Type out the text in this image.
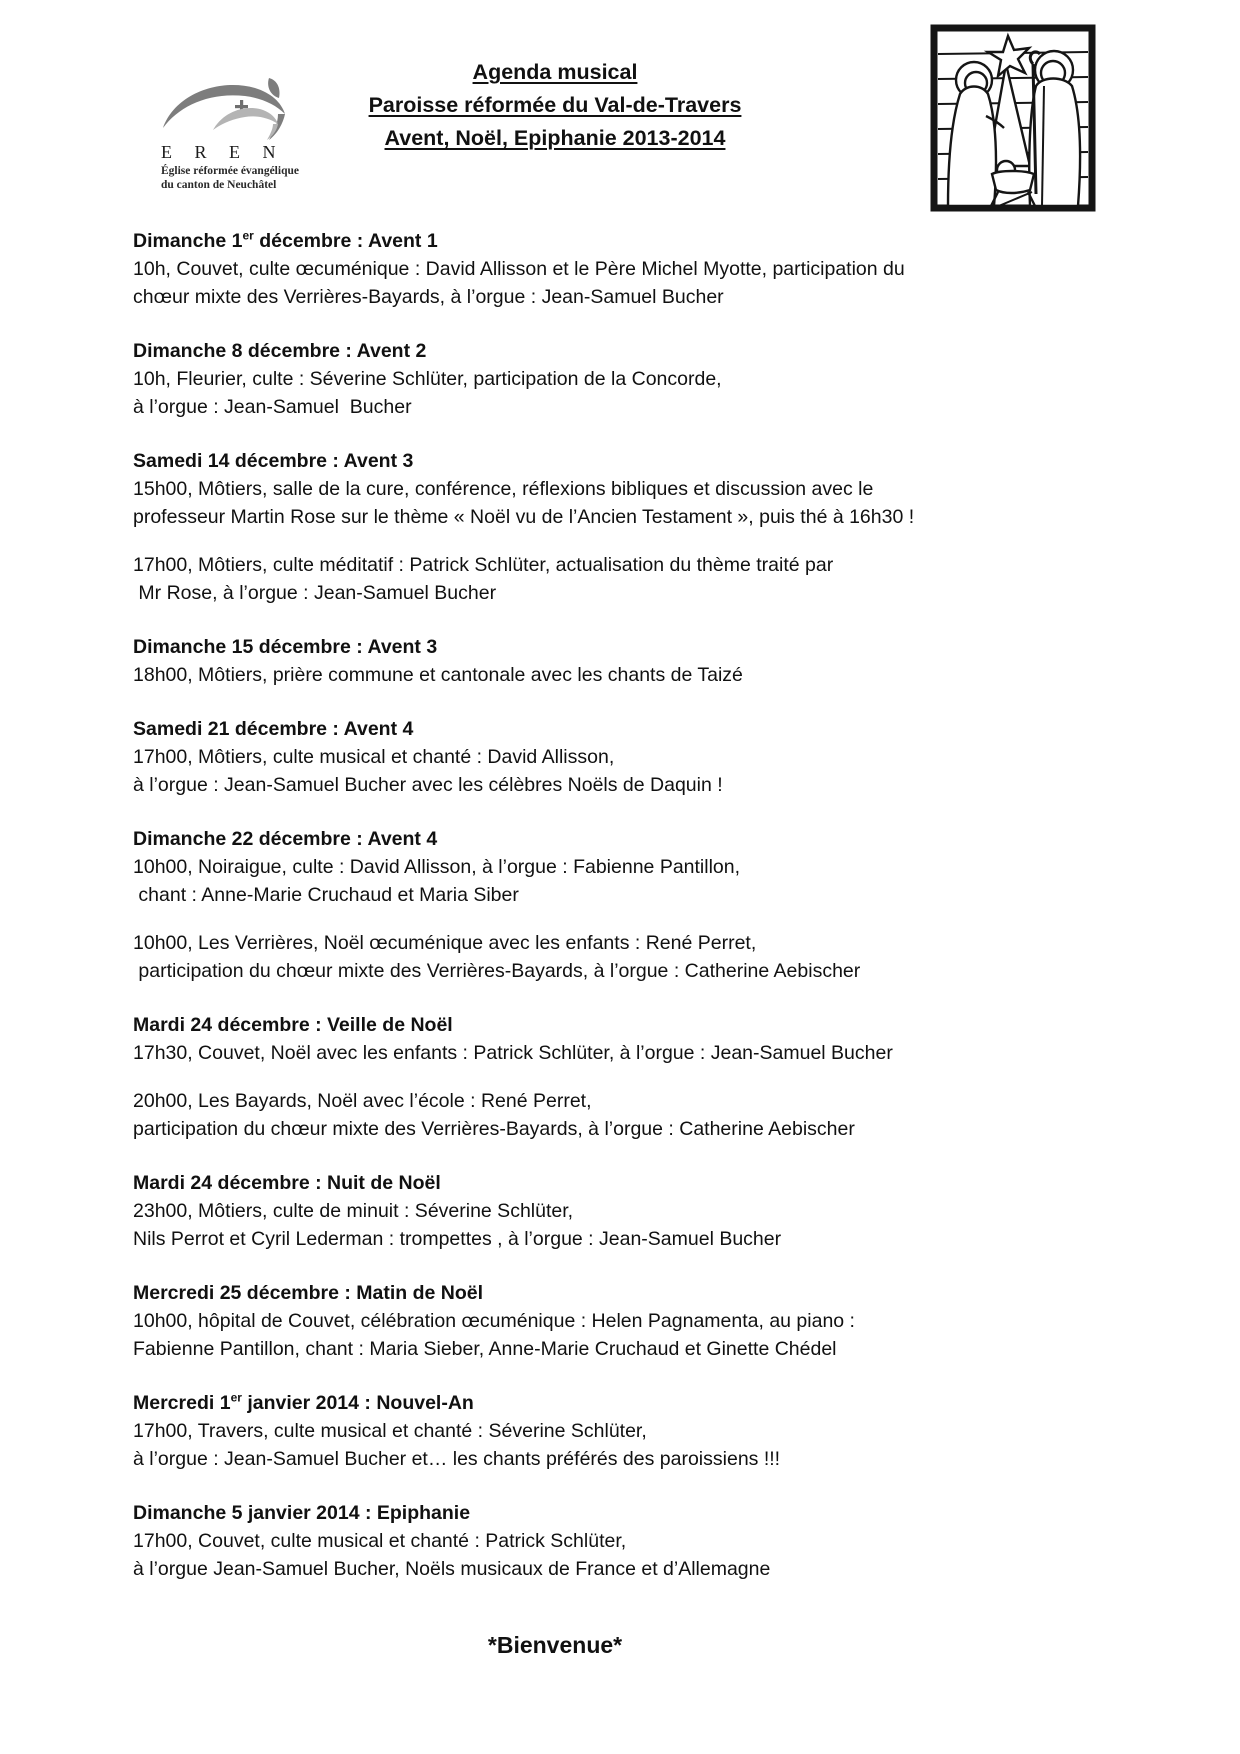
E R E N
Église réformée évangélique
du canton de Neuchâtel
Agenda musical
Paroisse réformée du Val-de-Travers
Avent, Noël, Epiphanie 2013-2014
Dimanche 1er décembre : Avent 1

10h, Couvet, culte œcuménique : David Allisson et le Père Michel Myotte, participation du
chœur mixte des Verrières-Bayards, à l’orgue : Jean-Samuel Bucher

Dimanche 8 décembre : Avent 2

10h, Fleurier, culte : Séverine Schlüter, participation de la Concorde,
à l’orgue : Jean-Samuel  Bucher

Samedi 14 décembre : Avent 3

15h00, Môtiers, salle de la cure, conférence, réflexions bibliques et discussion avec le
professeur Martin Rose sur le thème « Noël vu de l’Ancien Testament », puis thé à 16h30 !

17h00, Môtiers, culte méditatif : Patrick Schlüter, actualisation du thème traité par
Mr Rose, à l’orgue : Jean-Samuel Bucher

Dimanche 15 décembre : Avent 3

18h00, Môtiers, prière commune et cantonale avec les chants de Taizé

Samedi 21 décembre : Avent 4

17h00, Môtiers, culte musical et chanté : David Allisson,
à l’orgue : Jean-Samuel Bucher avec les célèbres Noëls de Daquin !

Dimanche 22 décembre : Avent 4

10h00, Noiraigue, culte : David Allisson, à l’orgue : Fabienne Pantillon,
chant : Anne-Marie Cruchaud et Maria Siber

10h00, Les Verrières, Noël œcuménique avec les enfants : René Perret,
participation du chœur mixte des Verrières-Bayards, à l’orgue : Catherine Aebischer

Mardi 24 décembre : Veille de Noël

17h30, Couvet, Noël avec les enfants : Patrick Schlüter, à l’orgue : Jean-Samuel Bucher

20h00, Les Bayards, Noël avec l’école : René Perret,
participation du chœur mixte des Verrières-Bayards, à l’orgue : Catherine Aebischer

Mardi 24 décembre : Nuit de Noël

23h00, Môtiers, culte de minuit : Séverine Schlüter,
Nils Perrot et Cyril Lederman : trompettes , à l’orgue : Jean-Samuel Bucher

Mercredi 25 décembre : Matin de Noël

10h00, hôpital de Couvet, célébration œcuménique : Helen Pagnamenta, au piano :
Fabienne Pantillon, chant : Maria Sieber, Anne-Marie Cruchaud et Ginette Chédel

Mercredi 1er janvier 2014 : Nouvel-An

17h00, Travers, culte musical et chanté : Séverine Schlüter,
à l’orgue : Jean-Samuel Bucher et… les chants préférés des paroissiens !!!

Dimanche 5 janvier 2014 : Epiphanie

17h00, Couvet, culte musical et chanté : Patrick Schlüter,
à l’orgue Jean-Samuel Bucher, Noëls musicaux de France et d’Allemagne

*Bienvenue*
